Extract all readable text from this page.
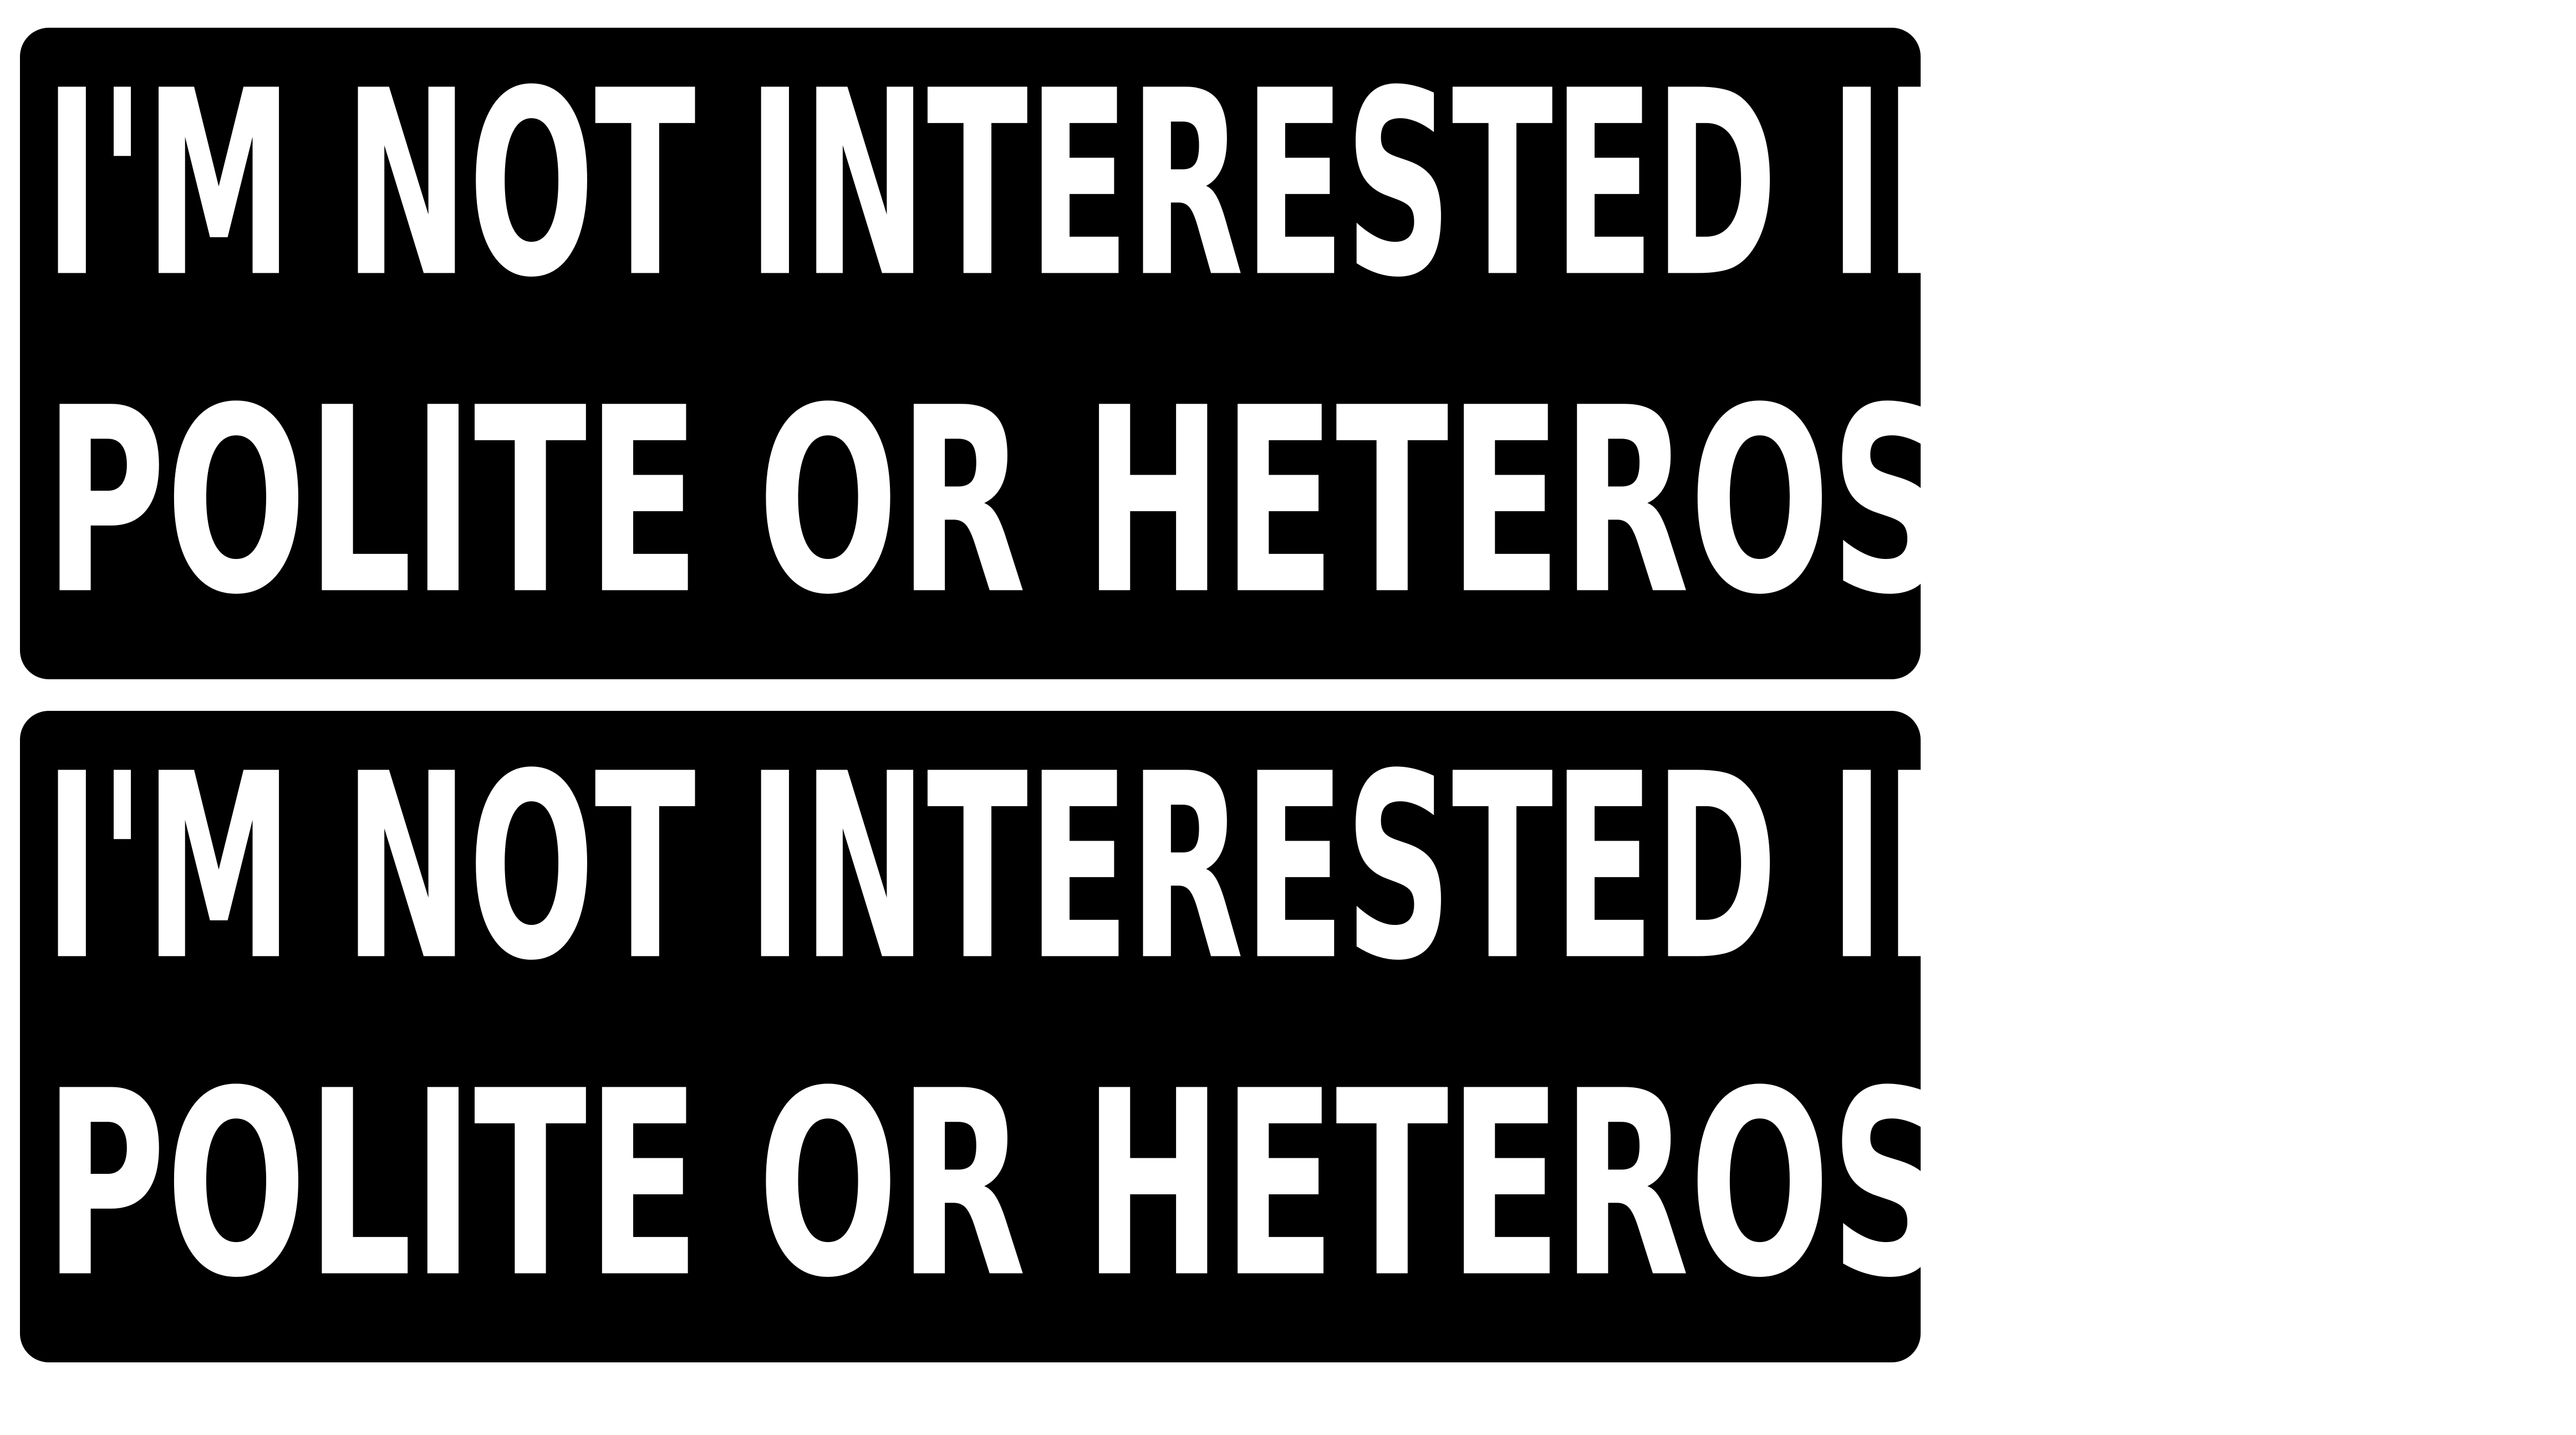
I'M NOT INTERESTED IN BEING
POLITE OR HETEROSEXUAL
I'M NOT INTERESTED IN BEING
POLITE OR HETEROSEXUAL
